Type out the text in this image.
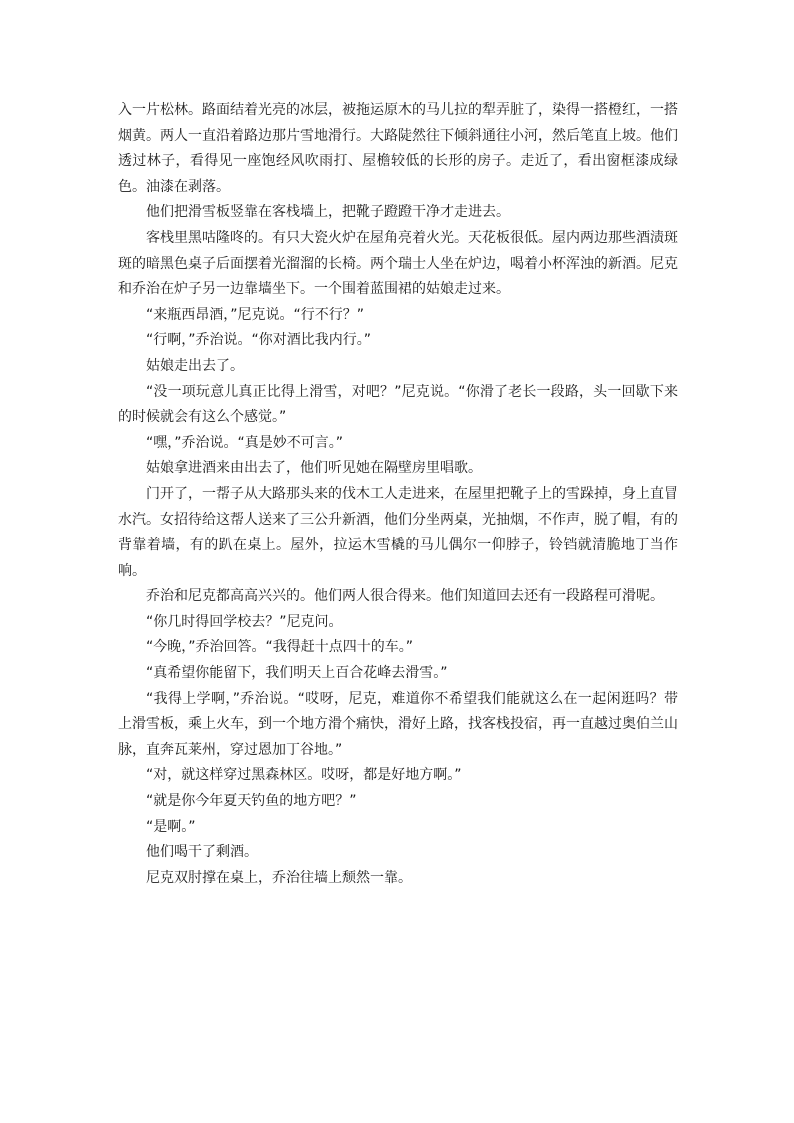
入一片松林。路面结着光亮的冰层，被拖运原木的马儿拉的犁弄脏了，染得一搭橙红，一搭烟黄。两人一直沿着路边那片雪地滑行。大路陡然往下倾斜通往小河，然后笔直上坡。他们透过林子，看得见一座饱经风吹雨打、屋檐较低的长形的房子。走近了，看出窗框漆成绿色。油漆在剥落。

他们把滑雪板竖靠在客栈墙上，把靴子蹬蹬干净才走进去。

客栈里黑咕隆咚的。有只大瓷火炉在屋角亮着火光。天花板很低。屋内两边那些酒渍斑斑的暗黑色桌子后面摆着光溜溜的长椅。两个瑞士人坐在炉边，喝着小杯浑浊的新酒。尼克和乔治在炉子另一边靠墙坐下。一个围着蓝围裙的姑娘走过来。

“来瓶西昂酒，”尼克说。“行不行？”

“行啊，”乔治说。“你对酒比我内行。”

姑娘走出去了。

“没一项玩意儿真正比得上滑雪，对吧？”尼克说。“你滑了老长一段路，头一回歇下来的时候就会有这么个感觉。”

“嘿，”乔治说。“真是妙不可言。”

姑娘拿进酒来由出去了，他们听见她在隔壁房里唱歌。

门开了，一帮子从大路那头来的伐木工人走进来，在屋里把靴子上的雪跺掉，身上直冒水汽。女招待给这帮人送来了三公升新酒，他们分坐两桌，光抽烟，不作声，脱了帽，有的背靠着墙，有的趴在桌上。屋外，拉运木雪橇的马儿偶尔一仰脖子，铃铛就清脆地丁当作响。

乔治和尼克都高高兴兴的。他们两人很合得来。他们知道回去还有一段路程可滑呢。

“你几时得回学校去？”尼克问。

“今晚，”乔治回答。“我得赶十点四十的车。”

“真希望你能留下，我们明天上百合花峰去滑雪。”

“我得上学啊，”乔治说。“哎呀，尼克，难道你不希望我们能就这么在一起闲逛吗？带上滑雪板，乘上火车，到一个地方滑个痛快，滑好上路，找客栈投宿，再一直越过奥伯兰山脉，直奔瓦莱州，穿过恩加丁谷地。”

“对，就这样穿过黑森林区。哎呀，都是好地方啊。”

“就是你今年夏天钓鱼的地方吧？”

“是啊。”

他们喝干了剩酒。

尼克双肘撑在桌上，乔治往墙上颓然一靠。
